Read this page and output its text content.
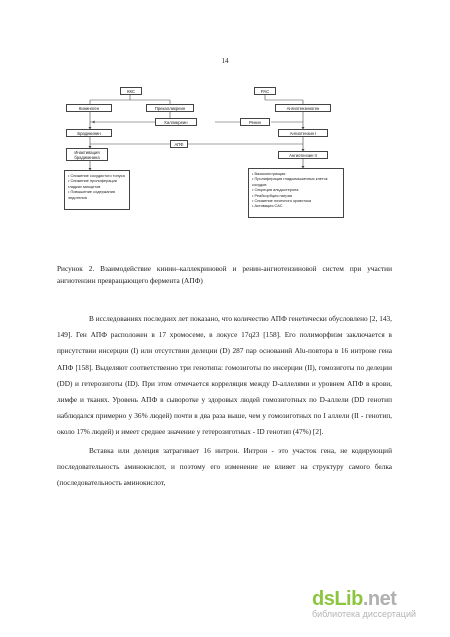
14
ККС	РАС
Кининоген	Прекалликреин	Ангиотензиноген
Калликреин	Ренин
Брадикинин	Ангиотензин I
АПФ
Инактивация брадикинина	Ангиотензин II
• Снижение сосудистого тонуса
• Снижение пролиферации гладких миоцитов
• Повышение содержания эндотелия
• Вазоконстрикция
• Пролиферация гладкомышечных клеток сосудов
• Секреция альдостерона
• Реабсорбция натрия
• Снижение почечного кровотока
• Активация САС
Рисунок 2. Взаимодействие кинин–каллекриновой и ренин-ангиотензиновой систем при участии ангиотензин превращающего фермента (АПФ)

В исследованиях последних лет показано, что количество АПФ генетически обусловлено [2, 143, 149]. Ген АПФ расположен в 17 хромосеме, в локусе 17q23 [158]. Его полиморфизм заключается в присутствии инсерции (I) или отсутствии делеции (D) 287 пар оснований Alu-повтора в 16 интроне гена АПФ [158]. Выделяют соответственно три генотипа: гомозиготы по инсерции (II), гомозиготы по делеции (DD) и гетерозиготы (ID). При этом отмечается корреляция между D-аллелями и уровнем АПФ в крови, лимфе и тканях. Уровень АПФ в сыворотке у здоровых людей гомозиготных по D-аллели (DD генотип наблюдался примерно у 36% людей) почти в два раза выше, чем у гомозиготных по I аллели (II - генотип, около 17% людей) и имеет среднее значение у гетерозиготных - ID генотип (47%) [2].

Вставка или делеция затрагивает 16 интрон. Интрон - это участок гена, не кодирующий последовательность аминокислот, и поэтому его изменение не влияет на структуру самого белка (последовательность аминокислот,

dsLib.net
библиотека диссертаций
